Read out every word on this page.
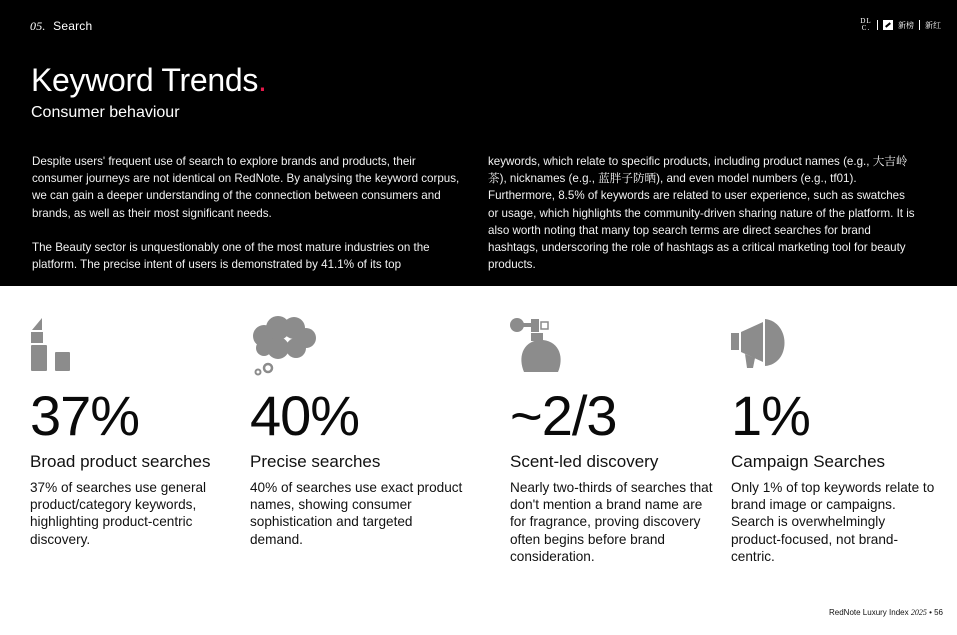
05. Search	DL C.	新榜 新红
Keyword Trends.
Consumer behaviour

Despite users' frequent use of search to explore brands and products, their consumer journeys are not identical on RedNote. By analysing the keyword corpus, we can gain a deeper understanding of the connection between consumers and brands, as well as their most significant needs.

The Beauty sector is unquestionably one of the most mature industries on the platform. The precise intent of users is demonstrated by 41.1% of its top

keywords, which relate to specific products, including product names (e.g., 大吉岭茶), nicknames (e.g., 蓝胖子防晒), and even model numbers (e.g., tf01). Furthermore, 8.5% of keywords are related to user experience, such as swatches or usage, which highlights the community-driven sharing nature of the platform. It is also worth noting that many top search terms are direct searches for brand hashtags, underscoring the role of hashtags as a critical marketing tool for beauty products.

37%
Broad product searches
37% of searches use general product/category keywords, highlighting product-centric discovery.
40%
Precise searches
40% of searches use exact product names, showing consumer sophistication and targeted demand.
~2/3
Scent-led discovery
Nearly two-thirds of searches that don't mention a brand name are for fragrance, proving discovery often begins before brand consideration.
1%
Campaign Searches
Only 1% of top keywords relate to brand image or campaigns. Search is overwhelmingly product-focused, not brand-centric.
RedNote Luxury Index 2025 • 56
